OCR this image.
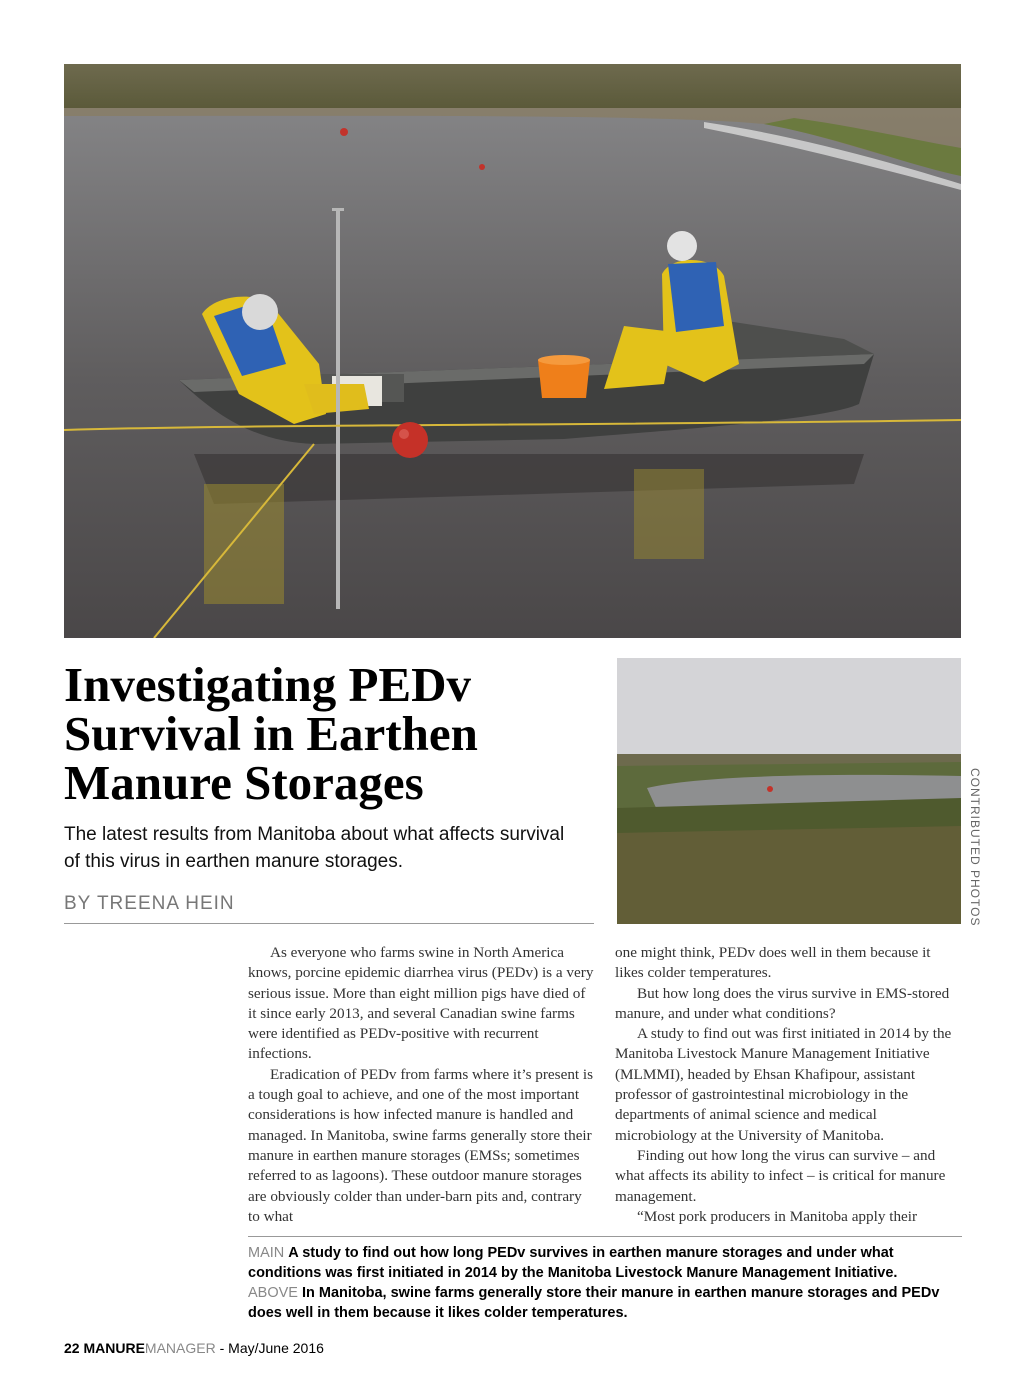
CONTRIBUTED PHOTOS
Investigating PEDv Survival in Earthen Manure Storages

The latest results from Manitoba about what affects survival of this virus in earthen manure storages.

BY TREENA HEIN

As everyone who farms swine in North America knows, porcine epidemic diarrhea virus (PEDv) is a very serious issue. More than eight million pigs have died of it since early 2013, and several Canadian swine farms were identified as PEDv-positive with recurrent infections.

Eradication of PEDv from farms where it’s present is a tough goal to achieve, and one of the most important considerations is how infected manure is handled and managed. In Manitoba, swine farms generally store their manure in earthen manure storages (EMSs; sometimes referred to as lagoons). These outdoor manure storages are obviously colder than under-barn pits and, contrary to what

one might think, PEDv does well in them because it likes colder temperatures.

But how long does the virus survive in EMS-stored manure, and under what conditions?

A study to find out was first initiated in 2014 by the Manitoba Livestock Manure Management Initiative (MLMMI), headed by Ehsan Khafipour, assistant professor of gastrointestinal microbiology in the departments of animal science and medical microbiology at the University of Manitoba.

Finding out how long the virus can survive – and what affects its ability to infect – is critical for manure management.

“Most pork producers in Manitoba apply their

MAIN A study to find out how long PEDv survives in earthen manure storages and under what conditions was first initiated in 2014 by the Manitoba Livestock Manure Management Initiative.

ABOVE In Manitoba, swine farms generally store their manure in earthen manure storages and PEDv does well in them because it likes colder temperatures.

22 MANUREMANAGER - May/June 2016
